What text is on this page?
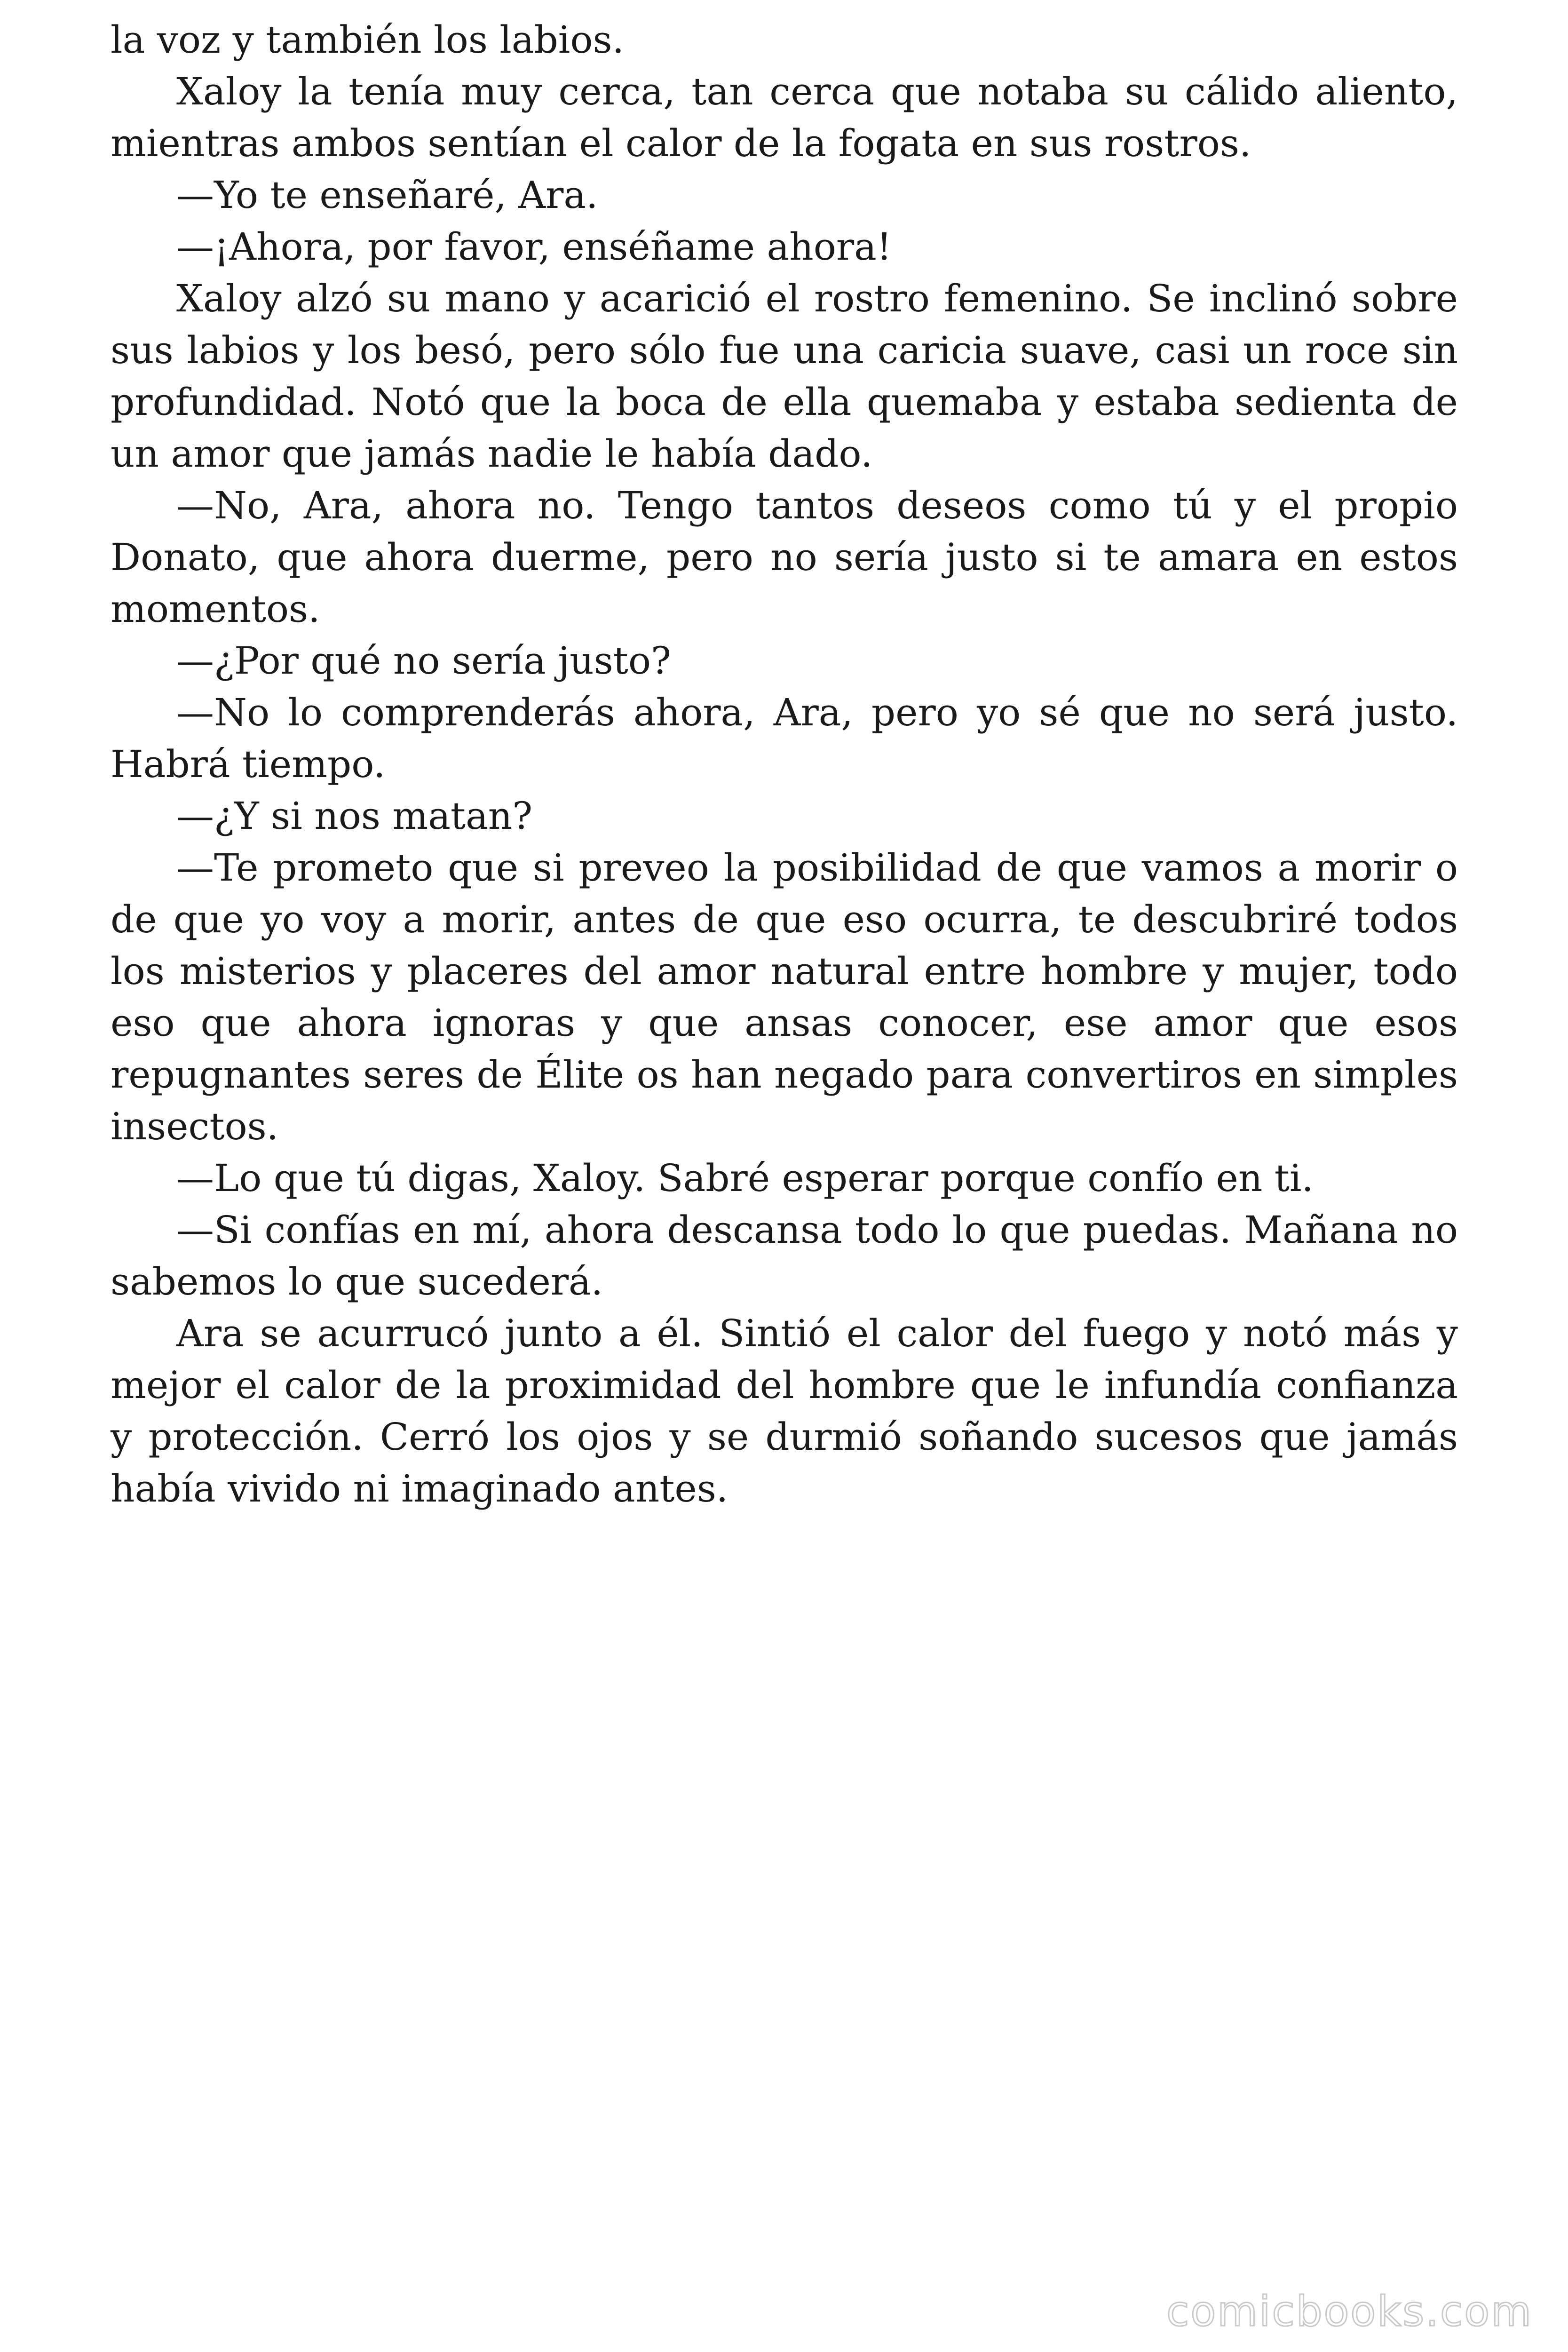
la voz y también los labios.

Xaloy la tenía muy cerca, tan cerca que notaba su cálido aliento, mientras ambos sentían el calor de la fogata en sus rostros.

—Yo te enseñaré, Ara.

—¡Ahora, por favor, enséñame ahora!

Xaloy alzó su mano y acarició el rostro femenino. Se inclinó sobre sus labios y los besó, pero sólo fue una caricia suave, casi un roce sin profundidad. Notó que la boca de ella quemaba y estaba sedienta de un amor que jamás nadie le había dado.

—No, Ara, ahora no. Tengo tantos deseos como tú y el propio Donato, que ahora duerme, pero no sería justo si te amara en estos momentos.

—¿Por qué no sería justo?

—No lo comprenderás ahora, Ara, pero yo sé que no será justo. Habrá tiempo.

—¿Y si nos matan?

—Te prometo que si preveo la posibilidad de que vamos a morir o de que yo voy a morir, antes de que eso ocurra, te descubriré todos los misterios y placeres del amor natural entre hombre y mujer, todo eso que ahora ignoras y que ansas conocer, ese amor que esos repugnantes seres de Élite os han negado para convertiros en simples insectos.

—Lo que tú digas, Xaloy. Sabré esperar porque confío en ti.

—Si confías en mí, ahora descansa todo lo que puedas. Mañana no sabemos lo que sucederá.

Ara se acurrucó junto a él. Sintió el calor del fuego y notó más y mejor el calor de la proximidad del hombre que le infundía confianza y protección. Cerró los ojos y se durmió soñando sucesos que jamás había vivido ni imaginado antes.

comicbooks.com
